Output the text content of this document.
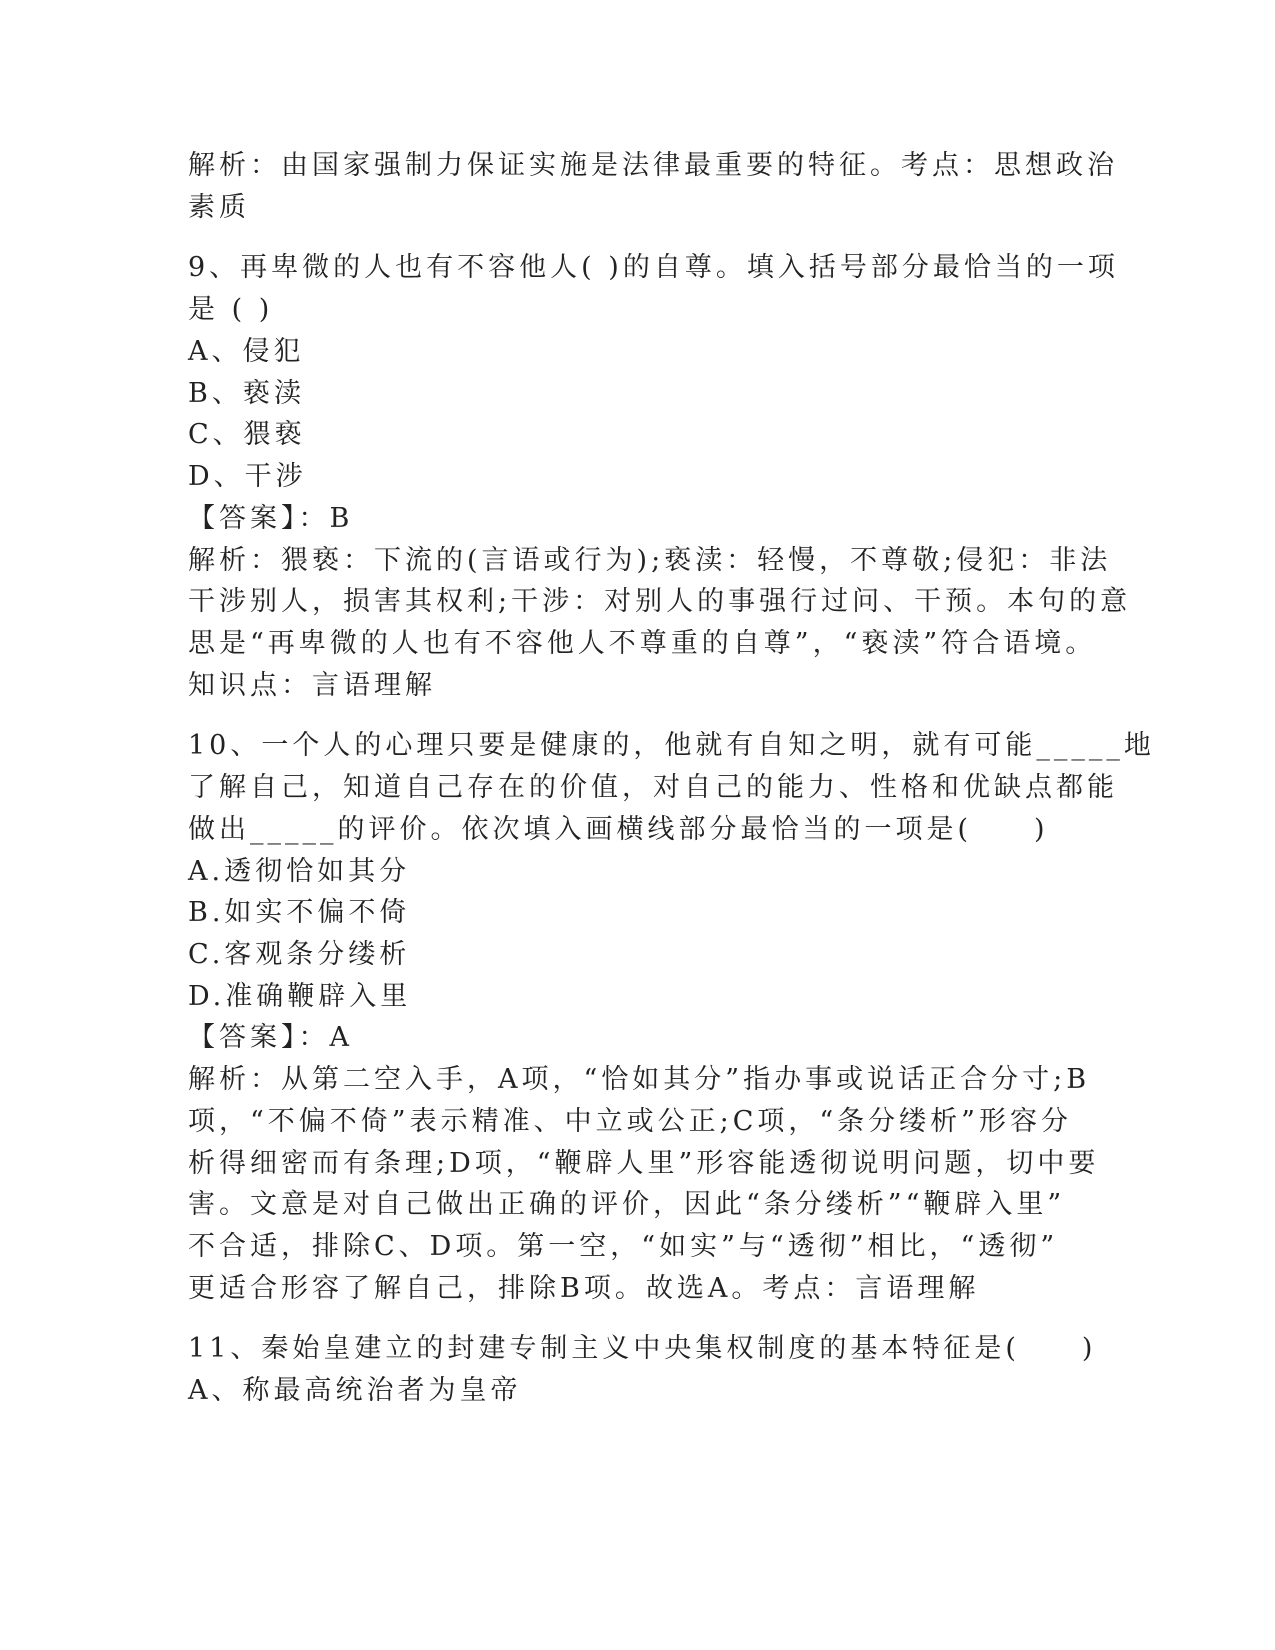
解析：由国家强制力保证实施是法律最重要的特征。考点：思想政治

素质

9、再卑微的人也有不容他人( )的自尊。填入括号部分最恰当的一项

是 ( )

A、侵犯

B、亵渎

C、猥亵

D、干涉

【答案】：B

解析：猥亵：下流的(言语或行为);亵渎：轻慢，不尊敬;侵犯：非法

干涉别人，损害其权利;干涉：对别人的事强行过问、干预。本句的意

思是“再卑微的人也有不容他人不尊重的自尊”，“亵渎”符合语境。

知识点：言语理解

10、一个人的心理只要是健康的，他就有自知之明，就有可能_____地

了解自己，知道自己存在的价值，对自己的能力、性格和优缺点都能

做出_____的评价。依次填入画横线部分最恰当的一项是(　　)

A.透彻恰如其分

B.如实不偏不倚

C.客观条分缕析

D.准确鞭辟入里

【答案】：A

解析：从第二空入手，A项，“恰如其分”指办事或说话正合分寸;B

项，“不偏不倚”表示精准、中立或公正;C项，“条分缕析”形容分

析得细密而有条理;D项，“鞭辟人里”形容能透彻说明问题，切中要

害。文意是对自己做出正确的评价，因此“条分缕析”“鞭辟入里”

不合适，排除C、D项。第一空，“如实”与“透彻”相比，“透彻”

更适合形容了解自己，排除B项。故选A。考点：言语理解

11、秦始皇建立的封建专制主义中央集权制度的基本特征是(　　)

A、称最高统治者为皇帝
